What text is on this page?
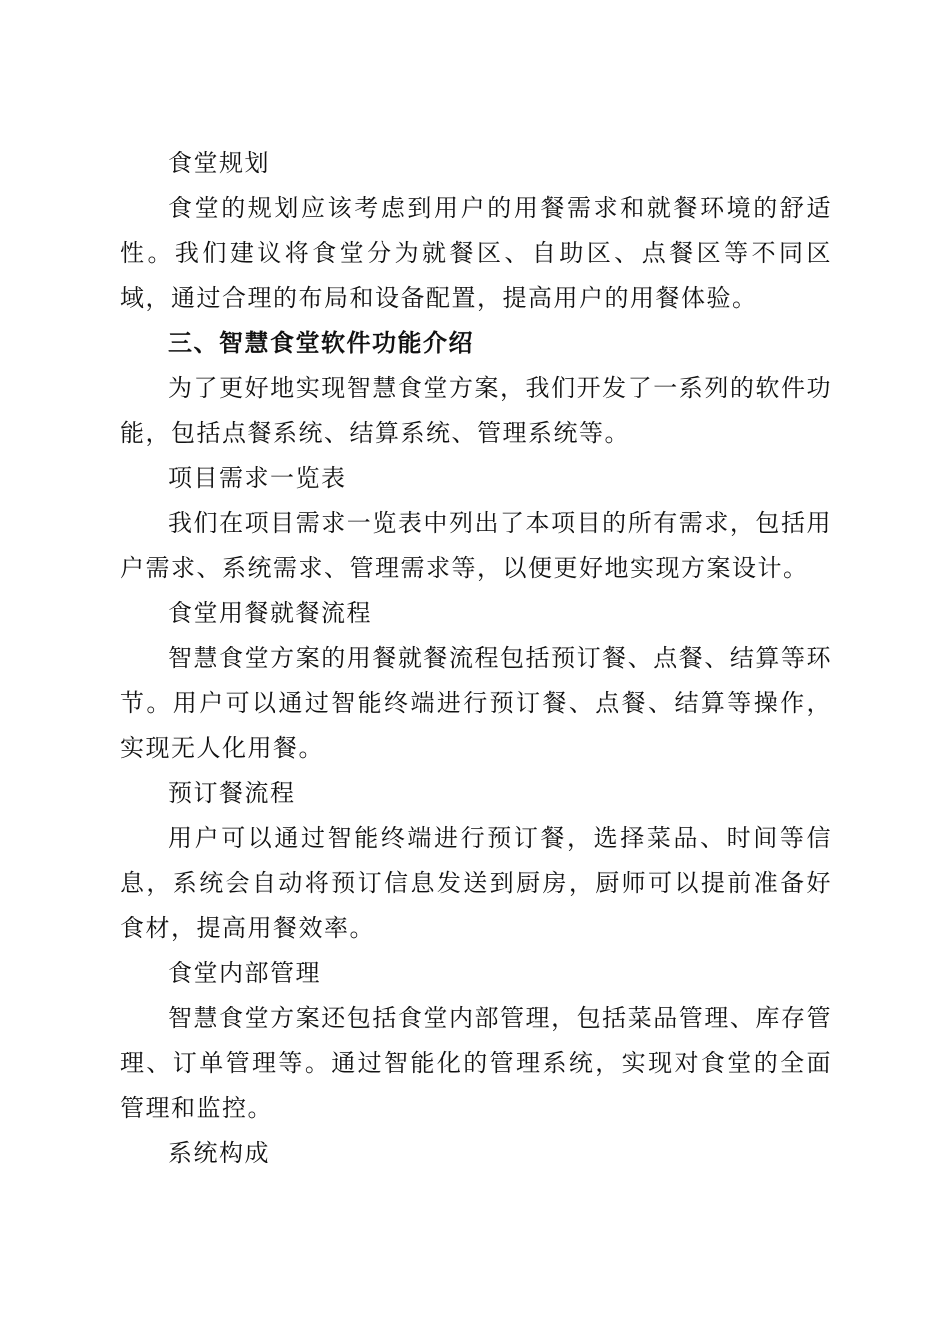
食堂规划

食堂的规划应该考虑到用户的用餐需求和就餐环境的舒适性。我们建议将食堂分为就餐区、自助区、点餐区等不同区域，通过合理的布局和设备配置，提高用户的用餐体验。

三、智慧食堂软件功能介绍

为了更好地实现智慧食堂方案，我们开发了一系列的软件功能，包括点餐系统、结算系统、管理系统等。

项目需求一览表

我们在项目需求一览表中列出了本项目的所有需求，包括用户需求、系统需求、管理需求等，以便更好地实现方案设计。

食堂用餐就餐流程

智慧食堂方案的用餐就餐流程包括预订餐、点餐、结算等环节。用户可以通过智能终端进行预订餐、点餐、结算等操作，实现无人化用餐。

预订餐流程

用户可以通过智能终端进行预订餐，选择菜品、时间等信息，系统会自动将预订信息发送到厨房，厨师可以提前准备好食材，提高用餐效率。

食堂内部管理

智慧食堂方案还包括食堂内部管理，包括菜品管理、库存管理、订单管理等。通过智能化的管理系统，实现对食堂的全面管理和监控。

系统构成
